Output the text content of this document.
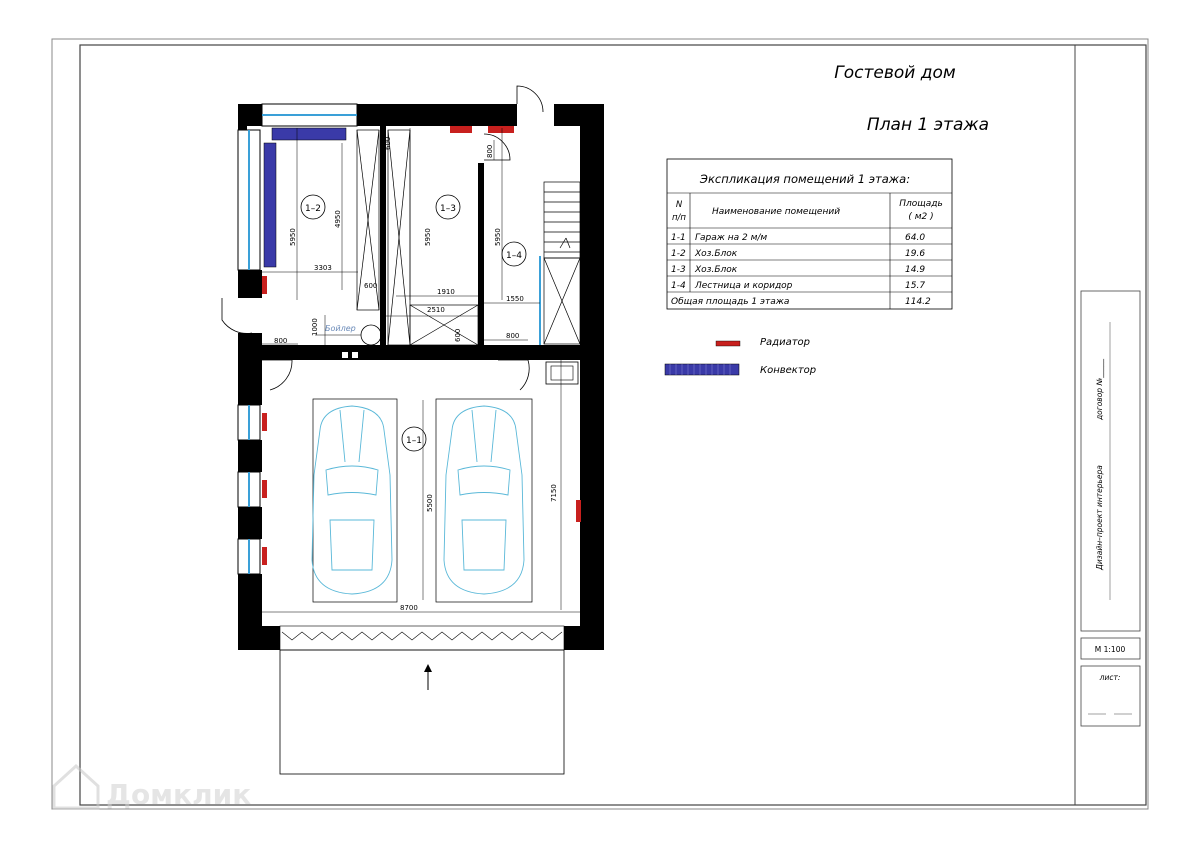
Гостевой дом
План 1 этажа
Бойлер
1–2	1–3
1–4
1–1
5950
4950
600
3303
600
5950
1910
2510
600
5950
800
1550
800
1000
800
5500
7150
8700
Экспликация помещений 1 этажа:
N
п/п
Наименование помещений
Площадь
( м2 )
1-1 Гараж на 2 м/м	64.0
1-2 Хоз.Блок	19.6
1-3 Хоз.Блок	14.9
1-4 Лестница и коридор	15.7
Общая площадь 1 этажа	114.2
Радиатор
Конвектор
Дизайн–проект интерьера
договор №_____
М 1:100
лист:
Домклик
